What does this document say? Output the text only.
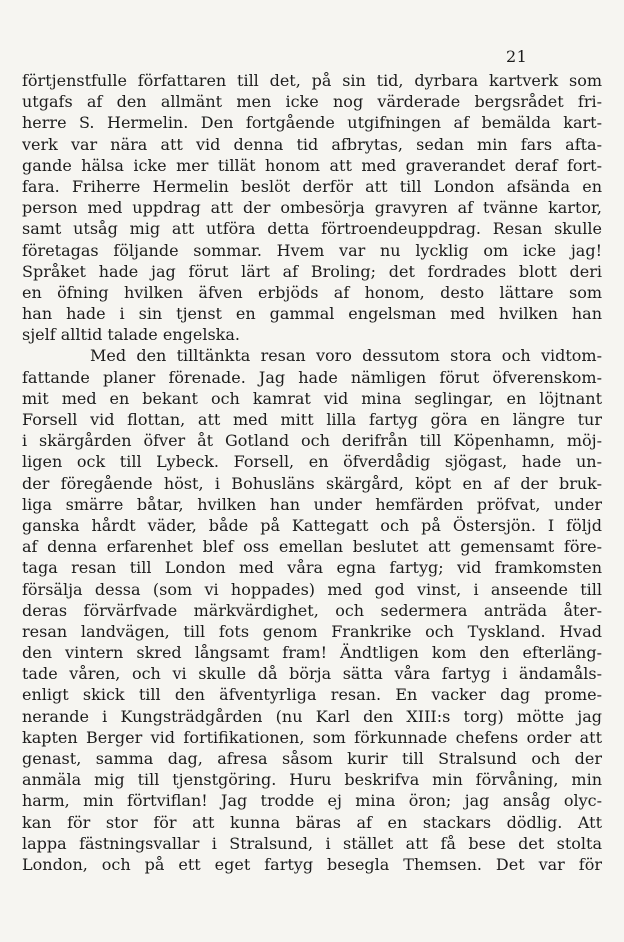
21
förtjenstfulle författaren till det, på sin tid, dyrbara kartverk som
utgafs af den allmänt men icke nog värderade bergsrådet fri-
herre S. Hermelin. Den fortgående utgifningen af bemälda kart-
verk var nära att vid denna tid afbrytas, sedan min fars afta-
gande hälsa icke mer tillät honom att med graverandet deraf fort-
fara. Friherre Hermelin beslöt derför att till London afsända en
person med uppdrag att der ombesörja gravyren af tvänne kartor,
samt utsåg mig att utföra detta förtroendeuppdrag. Resan skulle
företagas följande sommar. Hvem var nu lycklig om icke jag!
Språket hade jag förut lärt af Broling; det fordrades blott deri
en öfning hvilken äfven erbjöds af honom, desto lättare som
han hade i sin tjenst en gammal engelsman med hvilken han
sjelf alltid talade engelska.
Med den tilltänkta resan voro dessutom stora och vidtom-
fattande planer förenade. Jag hade nämligen förut öfverenskom-
mit med en bekant och kamrat vid mina seglingar, en löjtnant
Forsell vid flottan, att med mitt lilla fartyg göra en längre tur
i skärgården öfver åt Gotland och derifrån till Köpenhamn, möj-
ligen ock till Lybeck. Forsell, en öfverdådig sjögast, hade un-
der föregående höst, i Bohusläns skärgård, köpt en af der bruk-
liga smärre båtar, hvilken han under hemfärden pröfvat, under
ganska hårdt väder, både på Kattegatt och på Östersjön. I följd
af denna erfarenhet blef oss emellan beslutet att gemensamt före-
taga resan till London med våra egna fartyg; vid framkomsten
försälja dessa (som vi hoppades) med god vinst, i anseende till
deras förvärfvade märkvärdighet, och sedermera anträda åter-
resan landvägen, till fots genom Frankrike och Tyskland. Hvad
den vintern skred långsamt fram! Ändtligen kom den efterläng-
tade våren, och vi skulle då börja sätta våra fartyg i ändamåls-
enligt skick till den äfventyrliga resan. En vacker dag prome-
nerande i Kungsträdgården (nu Karl den XIII:s torg) mötte jag
kapten Berger vid fortifikationen, som förkunnade chefens order att
genast, samma dag, afresa såsom kurir till Stralsund och der
anmäla mig till tjenstgöring. Huru beskrifva min förvåning, min
harm, min förtviflan! Jag trodde ej mina öron; jag ansåg olyc-
kan för stor för att kunna bäras af en stackars dödlig. Att
lappa fästningsvallar i Stralsund, i stället att få bese det stolta
London, och på ett eget fartyg besegla Themsen. Det var för
